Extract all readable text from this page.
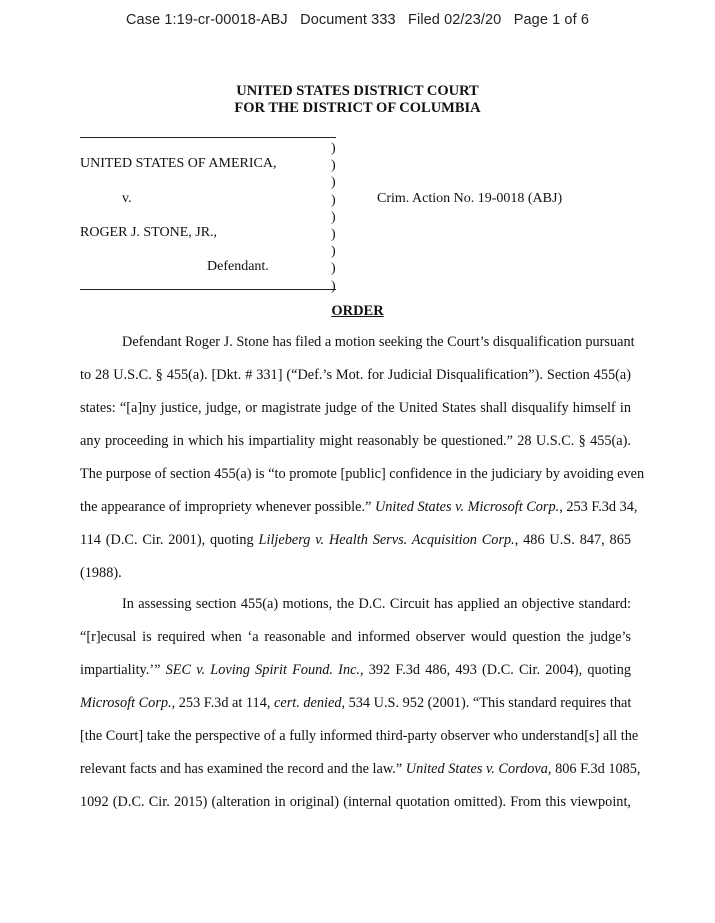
Case 1:19-cr-00018-ABJ   Document 333   Filed 02/23/20   Page 1 of 6
UNITED STATES DISTRICT COURT
FOR THE DISTRICT OF COLUMBIA
)
)
)
)
)
)
)
)
)
UNITED STATES OF AMERICA,
v.
ROGER J. STONE, JR.,
Defendant.
Crim. Action No. 19-0018 (ABJ)
ORDER
Defendant Roger J. Stone has filed a motion seeking the Court’s disqualification pursuant
to 28 U.S.C. § 455(a). [Dkt. # 331] (“Def.’s Mot. for Judicial Disqualification”). Section 455(a)
states: “[a]ny justice, judge, or magistrate judge of the United States shall disqualify himself in
any proceeding in which his impartiality might reasonably be questioned.” 28 U.S.C. § 455(a).
The purpose of section 455(a) is “to promote [public] confidence in the judiciary by avoiding even
the appearance of impropriety whenever possible.” United States v. Microsoft Corp., 253 F.3d 34,
114 (D.C. Cir. 2001), quoting Liljeberg v. Health Servs. Acquisition Corp., 486 U.S. 847, 865
(1988).
In assessing section 455(a) motions, the D.C. Circuit has applied an objective standard:
“[r]ecusal is required when ‘a reasonable and informed observer would question the judge’s
impartiality.’” SEC v. Loving Spirit Found. Inc., 392 F.3d 486, 493 (D.C. Cir. 2004), quoting
Microsoft Corp., 253 F.3d at 114, cert. denied, 534 U.S. 952 (2001). “This standard requires that
[the Court] take the perspective of a fully informed third-party observer who understand[s] all the
relevant facts and has examined the record and the law.” United States v. Cordova, 806 F.3d 1085,
1092 (D.C. Cir. 2015) (alteration in original) (internal quotation omitted). From this viewpoint,
